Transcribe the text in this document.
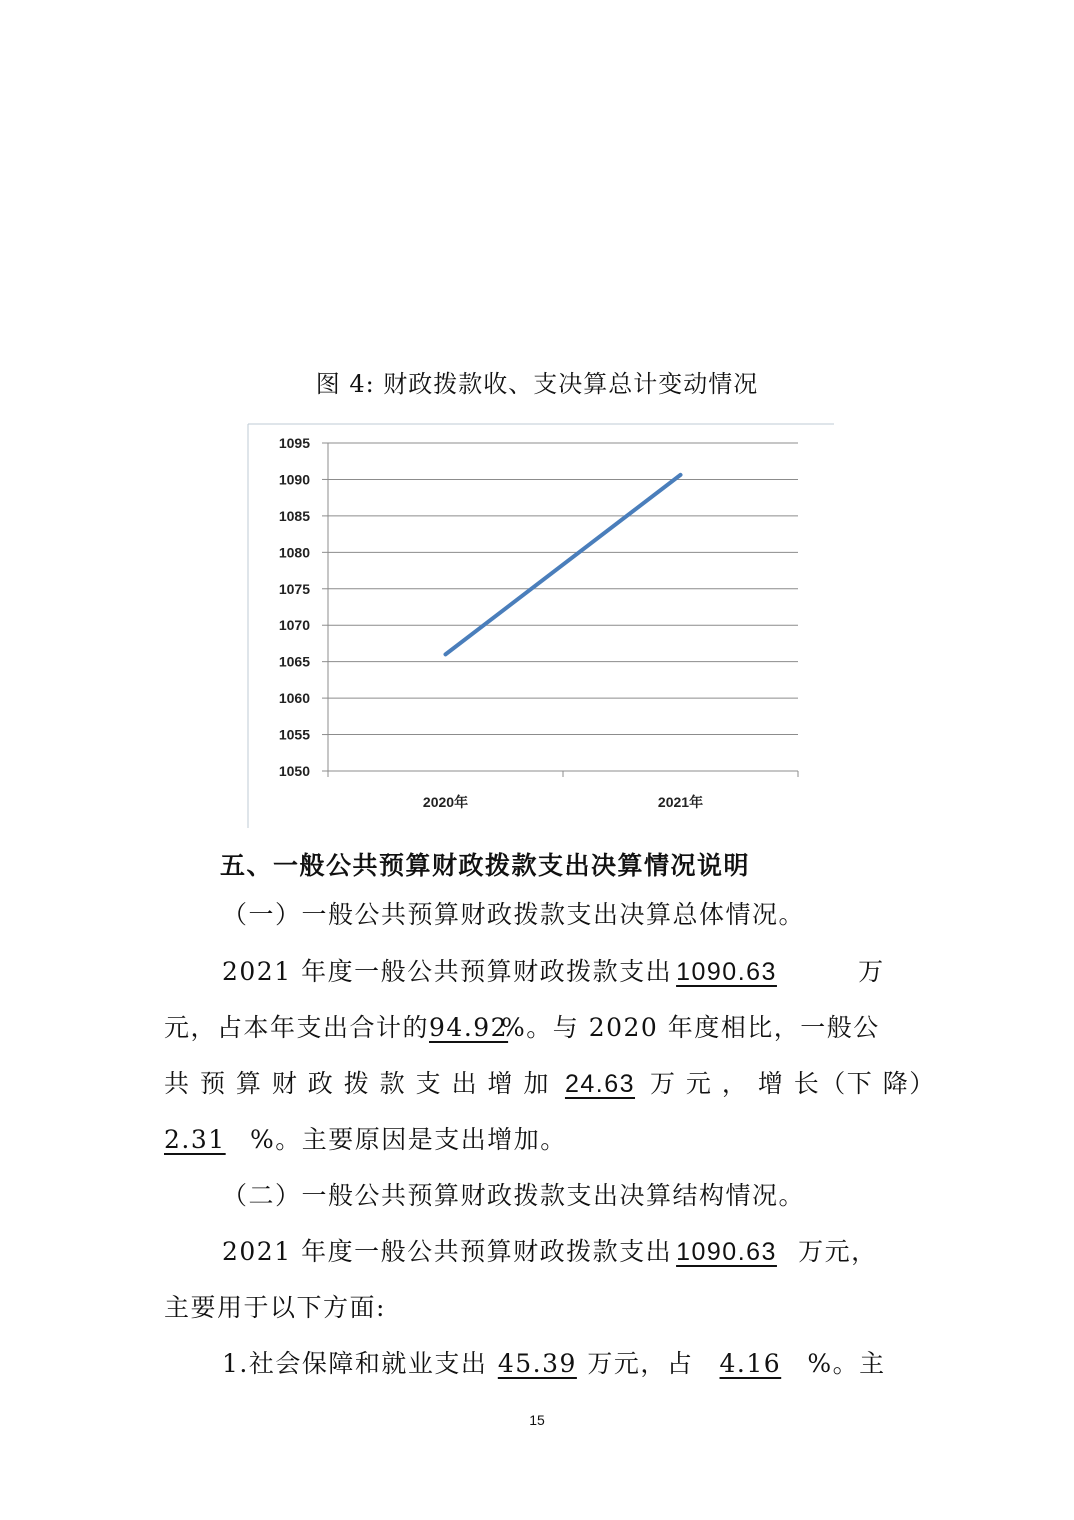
图 4: 财政拨款收、支决算总计变动情况
1050
1055
1060
1065
1070
1075
1080
1085
1090
1095
2020年	2021年
五、一般公共预算财政拨款支出决算情况说明
（一）一般公共预算财政拨款支出决算总体情况。
2021 年度一般公共预算财政拨款支出 1090.63	万
元，占本年支出合计的94.92%。与 2020 年度相比，一般公
共 预 算 财 政 拨 款 支 出 增 加 24.63 万 元 ， 增 长（下 降）
2.31 %。主要原因是支出增加。
（二）一般公共预算财政拨款支出决算结构情况。
2021 年度一般公共预算财政拨款支出 1090.63 万元，
主要用于以下方面:
1.社会保障和就业支出 45.39 万元，占 4.16 %。主
15
